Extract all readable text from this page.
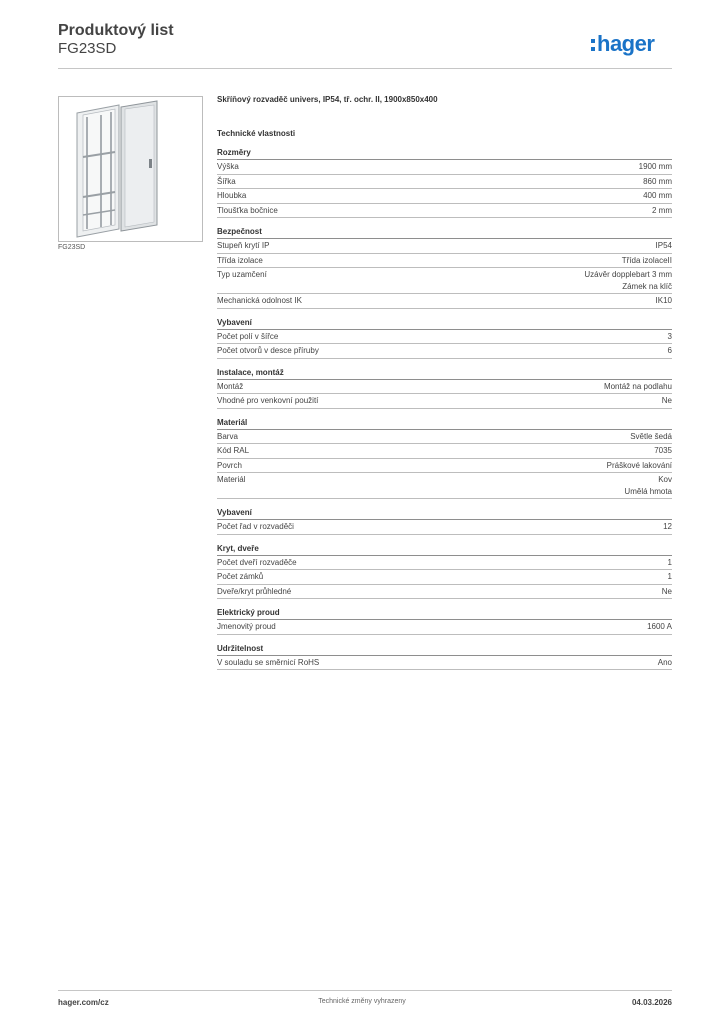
Produktový list
FG23SD	hager
FG23SD
Skříňový rozvaděč univers, IP54, tř. ochr. II, 1900x850x400
Technické vlastnosti
Rozměry
Výška	1900 mm
Šířka	860 mm
Hloubka	400 mm
Tloušťka bočnice	2 mm
Bezpečnost
Stupeň krytí IP	IP54
Třída izolace	Třída izolaceII
Typ uzamčení	Uzávěr dopplebart 3 mm
Zámek na klíč
Mechanická odolnost IK	IK10
Vybavení
Počet polí v šířce	3
Počet otvorů v desce příruby	6
Instalace, montáž
Montáž	Montáž na podlahu
Vhodné pro venkovní použití	Ne
Materiál
Barva	Světle šedá
Kód RAL	7035
Povrch	Práškové lakování
Materiál	Kov
Umělá hmota
Vybavení
Počet řad v rozvaděči	12
Kryt, dveře
Počet dveří rozvaděče	1
Počet zámků	1
Dveře/kryt průhledné	Ne
Elektrický proud
Jmenovitý proud	1600 A
Udržitelnost
V souladu se směrnicí RoHS	Ano
hager.com/cz	Technické změny vyhrazeny	04.03.2026
